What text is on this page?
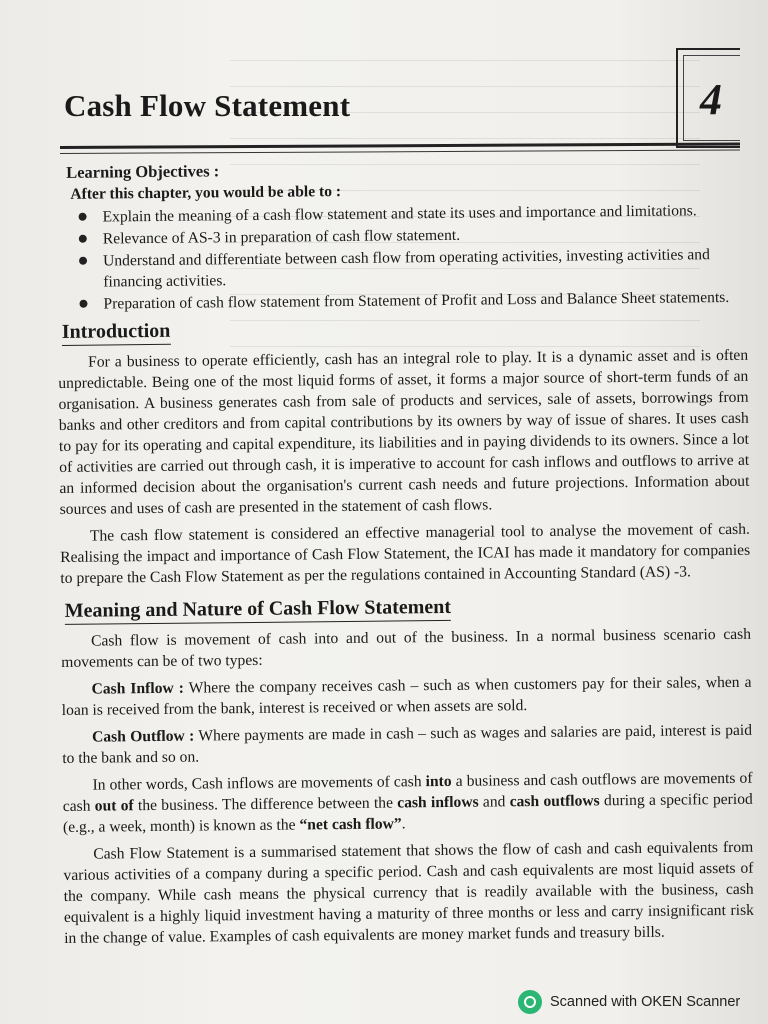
4
Cash Flow Statement
Learning Objectives :
After this chapter, you would be able to :
Explain the meaning of a cash flow statement and state its uses and importance and limitations.
Relevance of AS-3 in preparation of cash flow statement.
Understand and differentiate between cash flow from operating activities, investing activities and financing activities.
Preparation of cash flow statement from Statement of Profit and Loss and Balance Sheet statements.
Introduction

For a business to operate efficiently, cash has an integral role to play. It is a dynamic asset and is often unpredictable. Being one of the most liquid forms of asset, it forms a major source of short-term funds of an organisation. A business generates cash from sale of products and services, sale of assets, borrowings from banks and other creditors and from capital contributions by its owners by way of issue of shares. It uses cash to pay for its operating and capital expenditure, its liabilities and in paying dividends to its owners. Since a lot of activities are carried out through cash, it is imperative to account for cash inflows and outflows to arrive at an informed decision about the organisation's current cash needs and future projections. Information about sources and uses of cash are presented in the statement of cash flows.

The cash flow statement is considered an effective managerial tool to analyse the movement of cash. Realising the impact and importance of Cash Flow Statement, the ICAI has made it mandatory for companies to prepare the Cash Flow Statement as per the regulations contained in Accounting Standard (AS) -3.

Meaning and Nature of Cash Flow Statement

Cash flow is movement of cash into and out of the business. In a normal business scenario cash movements can be of two types:

Cash Inflow : Where the company receives cash – such as when customers pay for their sales, when a loan is received from the bank, interest is received or when assets are sold.

Cash Outflow : Where payments are made in cash – such as wages and salaries are paid, interest is paid to the bank and so on.

In other words, Cash inflows are movements of cash into a business and cash outflows are movements of cash out of the business. The difference between the cash inflows and cash outflows during a specific period (e.g., a week, month) is known as the “net cash flow”.

Cash Flow Statement is a summarised statement that shows the flow of cash and cash equivalents from various activities of a company during a specific period. Cash and cash equivalents are most liquid assets of the company. While cash means the physical currency that is readily available with the business, cash equivalent is a highly liquid investment having a maturity of three months or less and carry insignificant risk in the change of value. Examples of cash equivalents are money market funds and treasury bills.

Scanned with OKEN Scanner
